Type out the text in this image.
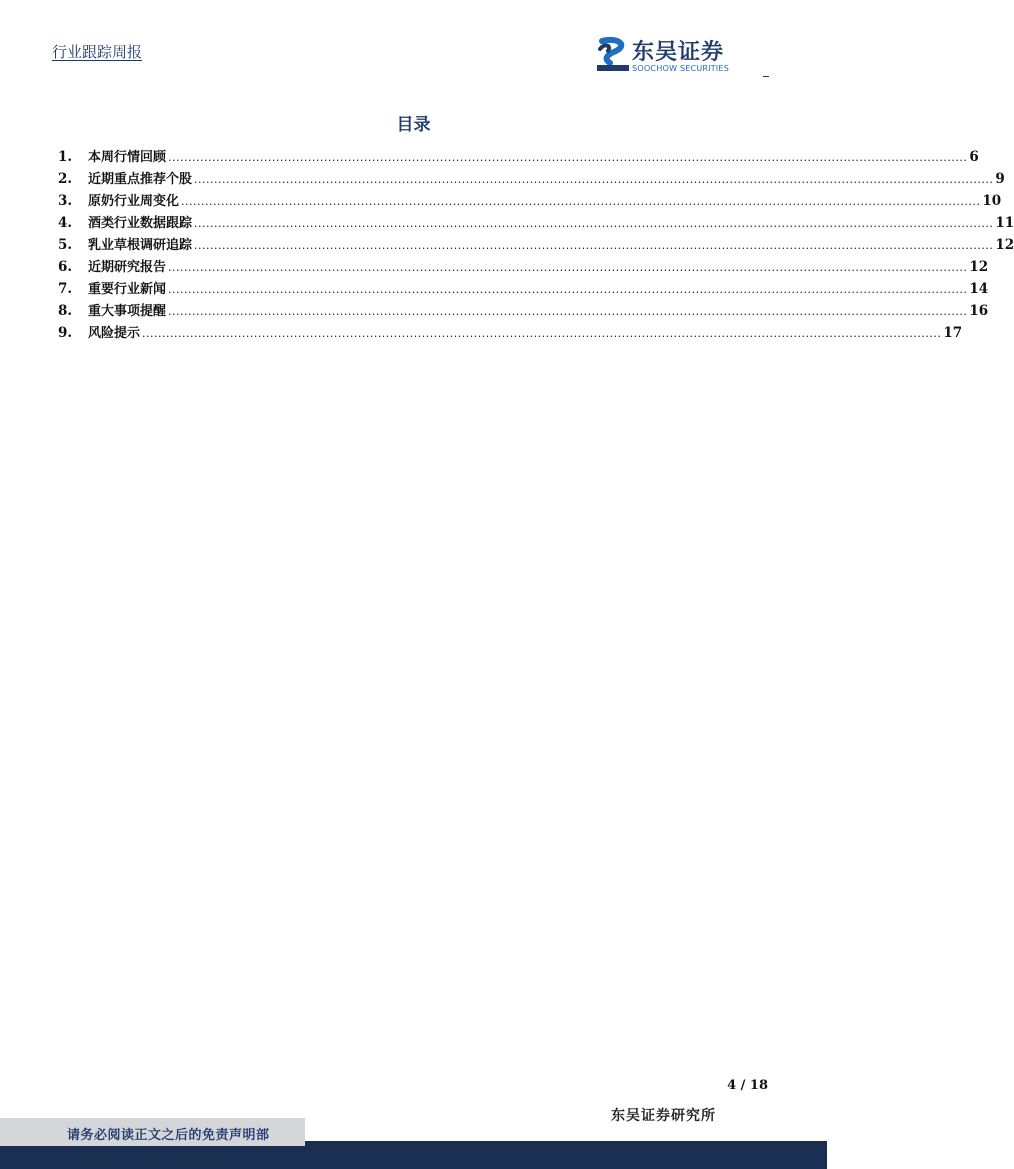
行业跟踪周报	东吴证券
SOOCHOW SECURITIES
目录
1.	本周行情回顾 ........................................................................................................................................................................................................ 6
2.	近期重点推荐个股 ........................................................................................................................................................................................................ 9
3.	原奶行业周变化 ........................................................................................................................................................................................................ 10
4.	酒类行业数据跟踪 ........................................................................................................................................................................................................ 11
5.	乳业草根调研追踪 ........................................................................................................................................................................................................ 12
6.	近期研究报告 ........................................................................................................................................................................................................ 12
7.	重要行业新闻 ........................................................................................................................................................................................................ 14
8.	重大事项提醒 ........................................................................................................................................................................................................ 16
9.	风险提示 ........................................................................................................................................................................................................ 17
4 / 18
东吴证券研究所
请务必阅读正文之后的免责声明部
